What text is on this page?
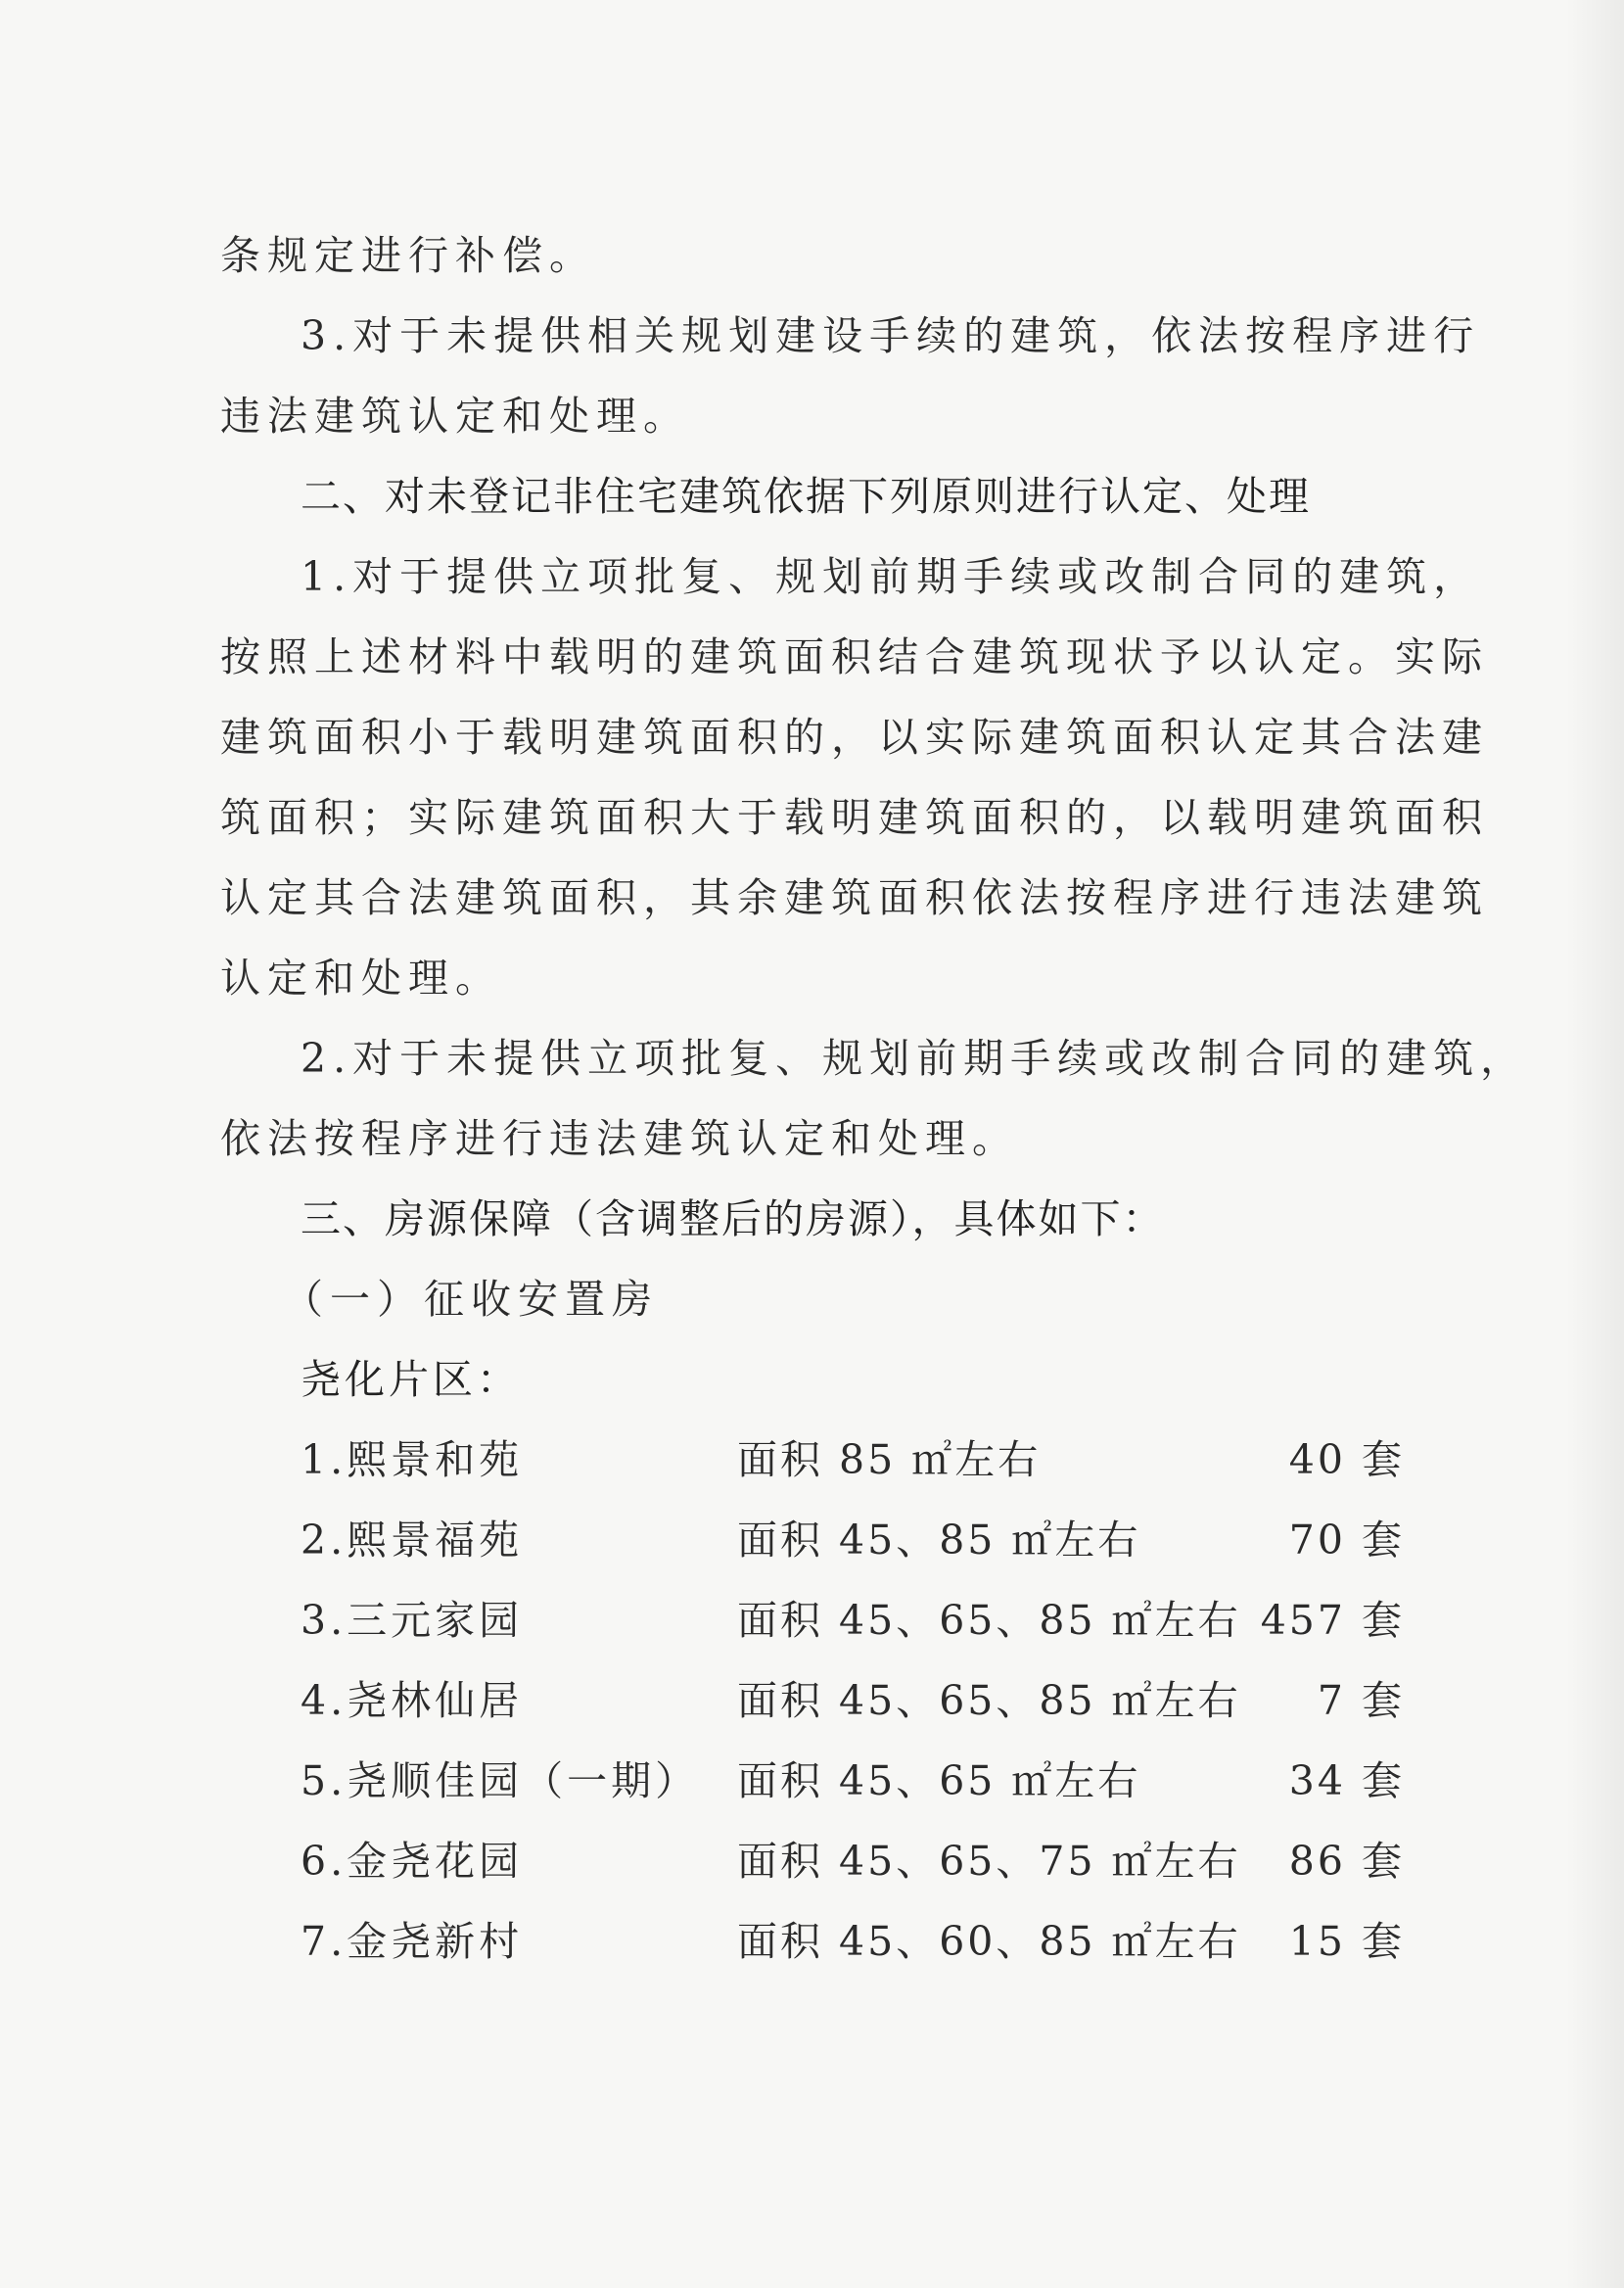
条规定进行补偿。
3.对于未提供相关规划建设手续的建筑，依法按程序进行
违法建筑认定和处理。
二、对未登记非住宅建筑依据下列原则进行认定、处理
1.对于提供立项批复、规划前期手续或改制合同的建筑，
按照上述材料中载明的建筑面积结合建筑现状予以认定。实际
建筑面积小于载明建筑面积的，以实际建筑面积认定其合法建
筑面积；实际建筑面积大于载明建筑面积的，以载明建筑面积
认定其合法建筑面积，其余建筑面积依法按程序进行违法建筑
认定和处理。
2.对于未提供立项批复、规划前期手续或改制合同的建筑，
依法按程序进行违法建筑认定和处理。
三、房源保障（含调整后的房源），具体如下：
（一）征收安置房
尧化片区：
1.熙景和苑	面积 85 ㎡左右	40 套
2.熙景福苑	面积 45、85 ㎡左右	70 套
3.三元家园	面积 45、65、85 ㎡左右 457 套
4.尧林仙居	面积 45、65、85 ㎡左右 7 套
5.尧顺佳园（一期） 面积 45、65 ㎡左右	34 套
6.金尧花园	面积 45、65、75 ㎡左右 86 套
7.金尧新村	面积 45、60、85 ㎡左右 15 套
